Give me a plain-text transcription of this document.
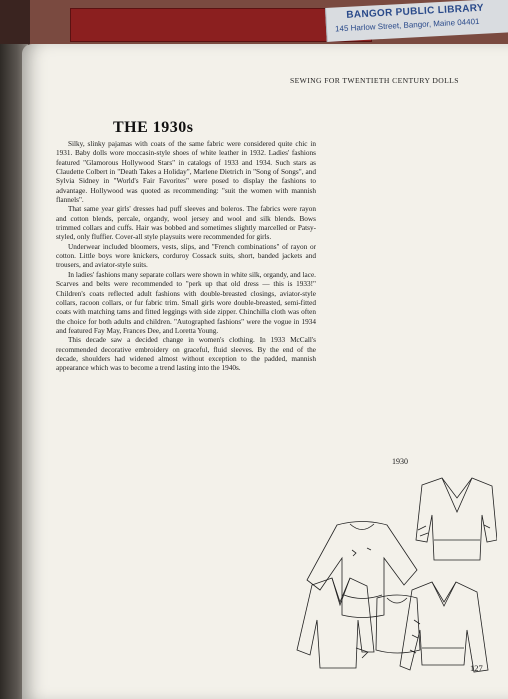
BANGOR PUBLIC LIBRARY
145 Harlow Street, Bangor, Maine 04401
SEWING FOR TWENTIETH CENTURY DOLLS
THE 1930s

Silky, slinky pajamas with coats of the same fabric were considered quite chic in 1931. Baby dolls wore moccasin-style shoes of white leather in 1932. Ladies' fashions featured "Glamorous Hollywood Stars" in catalogs of 1933 and 1934. Such stars as Claudette Colbert in "Death Takes a Holiday", Marlene Dietrich in "Song of Songs", and Sylvia Sidney in "World's Fair Favorites" were posed to display the fashions to advantage. Hollywood was quoted as recommending: "suit the women with mannish flannels".

That same year girls' dresses had puff sleeves and boleros. The fabrics were rayon and cotton blends, percale, organdy, wool jersey and wool and silk blends. Bows trimmed collars and cuffs. Hair was bobbed and sometimes slightly marcelled or Patsy-styled, only fluffier. Cover-all style playsuits were recommended for girls.

Underwear included bloomers, vests, slips, and "French combinations" of rayon or cotton. Little boys wore knickers, corduroy Cossack suits, short, banded jackets and trousers, and aviator-style suits.

In ladies' fashions many separate collars were shown in white silk, organdy, and lace. Scarves and belts were recommended to "perk up that old dress — this is 1933!" Children's coats reflected adult fashions with double-breasted closings, aviator-style collars, racoon collars, or fur fabric trim. Small girls wore double-breasted, semi-fitted coats with matching tams and fitted leggings with side zipper. Chinchilla cloth was often the choice for both adults and children. "Autographed fashions" were the vogue in 1934 and featured Fay May, Frances Dee, and Loretta Young.

This decade saw a decided change in women's clothing. In 1933 McCall's recommended decorative embroidery on graceful, fluid sleeves. By the end of the decade, shoulders had widened almost without exception to the padded, mannish appearance which was to become a trend lasting into the 1940s.

1930
127
